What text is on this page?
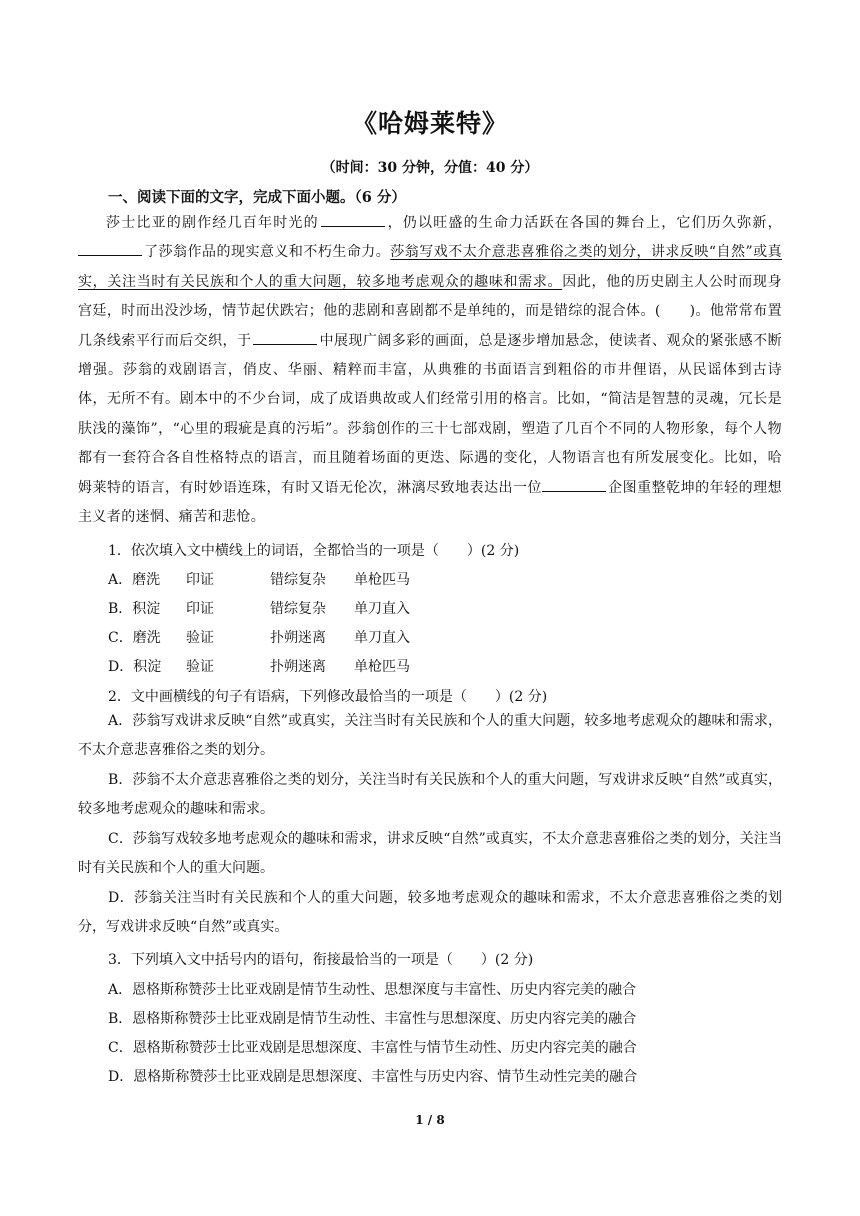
《哈姆莱特》
（时间：30 分钟，分值：40 分）
一、阅读下面的文字，完成下面小题。（6 分）
莎士比亚的剧作经几百年时光的	，仍以旺盛的生命力活跃在各国的舞台上，它们历久弥新，了莎翁作品的现实意义和不朽生命力。莎翁写戏不太介意悲喜雅俗之类的划分，讲求反映“自然”或真实，关注当时有关民族和个人的重大问题，较多地考虑观众的趣味和需求。因此，他的历史剧主人公时而现身宫廷，时而出没沙场，情节起伏跌宕；他的悲剧和喜剧都不是单纯的，而是错综的混合体。(　　)。他常常布置几条线索平行而后交织，于	中展现广阔多彩的画面，总是逐步增加悬念，使读者、观众的紧张感不断增强。莎翁的戏剧语言，俏皮、华丽、精粹而丰富，从典雅的书面语言到粗俗的市井俚语，从民谣体到古诗体，无所不有。剧本中的不少台词，成了成语典故或人们经常引用的格言。比如，“简洁是智慧的灵魂，冗长是肤浅的藻饰”，“心里的瑕疵是真的污垢”。莎翁创作的三十七部戏剧，塑造了几百个不同的人物形象，每个人物都有一套符合各自性格特点的语言，而且随着场面的更迭、际遇的变化，人物语言也有所发展变化。比如，哈姆莱特的语言，有时妙语连珠，有时又语无伦次，淋漓尽致地表达出一位	企图重整乾坤的年轻的理想主义者的迷惘、痛苦和悲怆。
1．依次填入文中横线上的词语，全都恰当的一项是（　　）(2 分)
A．磨洗 印证	错综复杂 单枪匹马
B．积淀 印证	错综复杂 单刀直入
C．磨洗 验证	扑朔迷离 单刀直入
D．积淀 验证	扑朔迷离 单枪匹马
2．文中画横线的句子有语病，下列修改最恰当的一项是（　　）(2 分)
A．莎翁写戏讲求反映“自然”或真实，关注当时有关民族和个人的重大问题，较多地考虑观众的趣味和需求，不太介意悲喜雅俗之类的划分。
B．莎翁不太介意悲喜雅俗之类的划分，关注当时有关民族和个人的重大问题，写戏讲求反映“自然”或真实，较多地考虑观众的趣味和需求。
C．莎翁写戏较多地考虑观众的趣味和需求，讲求反映“自然”或真实，不太介意悲喜雅俗之类的划分，关注当时有关民族和个人的重大问题。
D．莎翁关注当时有关民族和个人的重大问题，较多地考虑观众的趣味和需求，不太介意悲喜雅俗之类的划分，写戏讲求反映“自然”或真实。
3．下列填入文中括号内的语句，衔接最恰当的一项是（　　）(2 分)
A．恩格斯称赞莎士比亚戏剧是情节生动性、思想深度与丰富性、历史内容完美的融合
B．恩格斯称赞莎士比亚戏剧是情节生动性、丰富性与思想深度、历史内容完美的融合
C．恩格斯称赞莎士比亚戏剧是思想深度、丰富性与情节生动性、历史内容完美的融合
D．恩格斯称赞莎士比亚戏剧是思想深度、丰富性与历史内容、情节生动性完美的融合
1 / 8
